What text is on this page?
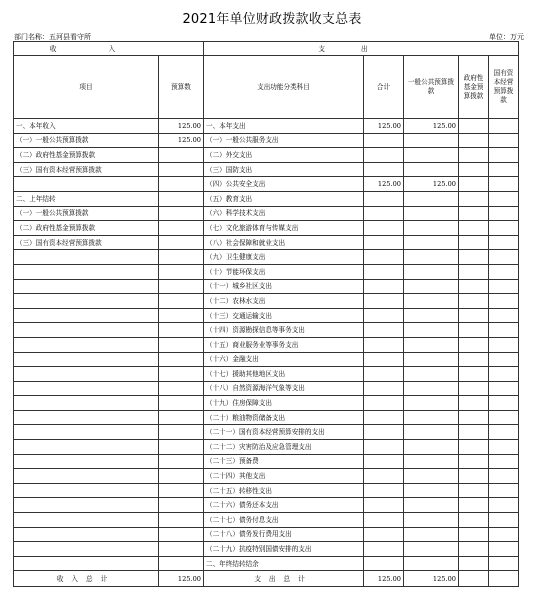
2021年单位财政拨款收支总表
部门名称：五河县看守所	单位：万元
收入		支出				
项目	预算数	支出功能分类科目	合计	一般公共预算拨款	政府性基金预算拨款	国有资本经营预算拨款
一、本年收入	125.00	一、本年支出	125.00	125.00		
（一）一般公共预算拨款	125.00	（一）一般公共服务支出				
（二）政府性基金预算拨款		（二）外交支出				
（三）国有资本经营预算拨款		（三）国防支出				
		（四）公共安全支出	125.00	125.00		
二、上年结转		（五）教育支出				
（一）一般公共预算拨款		（六）科学技术支出				
（二）政府性基金预算拨款		（七）文化旅游体育与传媒支出				
（三）国有资本经营预算拨款		（八）社会保障和就业支出				
		（九）卫生健康支出				
		（十）节能环保支出				
		（十一）城乡社区支出				
		（十二）农林水支出				
		（十三）交通运输支出				
		（十四）资源勘探信息等事务支出				
		（十五）商业服务业等事务支出				
		（十六）金融支出				
		（十七）援助其他地区支出				
		（十八）自然资源海洋气象等支出				
		（十九）住房保障支出				
		（二十）粮油物资储备支出				
		（二十一）国有资本经营预算安排的支出				
		（二十二）灾害防治及应急管理支出				
		（二十三）预备费				
		（二十四）其他支出				
		（二十五）转移性支出				
		（二十六）债务还本支出				
		（二十七）债务付息支出				
		（二十八）债务发行费用支出				
		（二十九）抗疫特别国债安排的支出				
		二、年终结转结余				
收入总计	125.00	支出总计	125.00	125.00		
